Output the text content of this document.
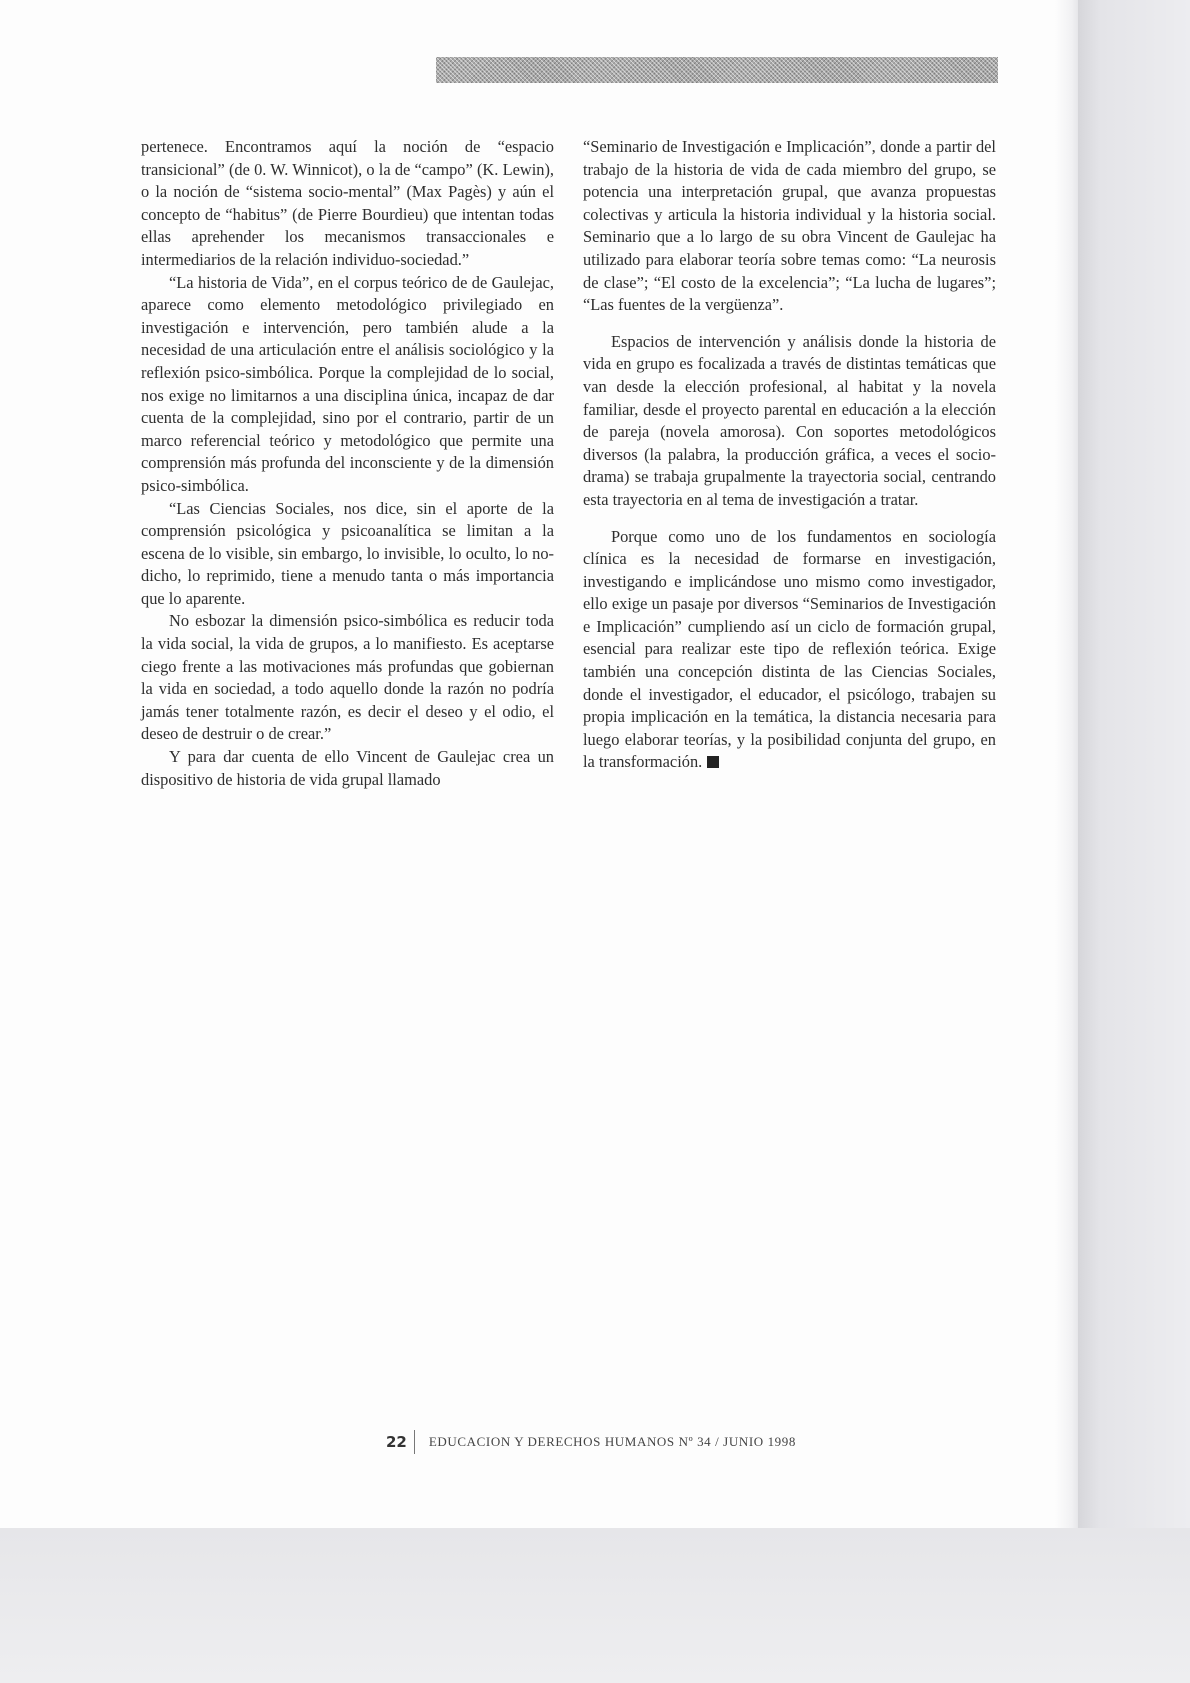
pertenece. Encontramos aquí la noción de “espacio transicional” (de 0. W. Winnicot), o la de “campo” (K. Lewin), o la noción de “sistema socio-mental” (Max Pagès) y aún el concepto de “habitus” (de Pierre Bourdieu) que intentan todas ellas aprehender los mecanismos transaccionales e intermediarios de la relación individuo-sociedad.”

“La historia de Vida”, en el corpus teórico de de Gaulejac, aparece como elemento metodológico privilegiado en investigación e intervención, pero también alude a la necesidad de una articulación entre el análisis sociológico y la reflexión psico-simbólica. Porque la complejidad de lo social, nos exige no limitarnos a una disciplina única, incapaz de dar cuenta de la complejidad, sino por el contrario, partir de un marco referencial teórico y metodológico que permite una comprensión más profunda del inconsciente y de la dimensión psico-simbólica.

“Las Ciencias Sociales, nos dice, sin el aporte de la comprensión psicológica y psicoanalítica se limitan a la escena de lo visible, sin embargo, lo invisible, lo oculto, lo no-dicho, lo reprimido, tiene a menudo tanta o más importancia que lo aparente.

No esbozar la dimensión psico-simbólica es reducir toda la vida social, la vida de grupos, a lo manifiesto. Es aceptarse ciego frente a las motivaciones más profundas que gobiernan la vida en sociedad, a todo aquello donde la razón no podría jamás tener totalmente razón, es decir el deseo y el odio, el deseo de destruir o de crear.”

Y para dar cuenta de ello Vincent de Gaulejac crea un dispositivo de historia de vida grupal llamado

“Seminario de Investigación e Implicación”, donde a partir del trabajo de la historia de vida de cada miembro del grupo, se potencia una interpretación grupal, que avanza propuestas colectivas y articula la historia individual y la historia social. Seminario que a lo largo de su obra Vincent de Gaulejac ha utilizado para elaborar teoría sobre temas como: “La neurosis de clase”; “El costo de la excelencia”; “La lucha de lugares”; “Las fuentes de la vergüenza”.

Espacios de intervención y análisis donde la historia de vida en grupo es focalizada a través de distintas temáticas que van desde la elección profesional, al habitat y la novela familiar, desde el proyecto parental en educación a la elección de pareja (novela amorosa). Con soportes metodológicos diversos (la palabra, la producción gráfica, a veces el socio-drama) se trabaja grupalmente la trayectoria social, centrando esta trayectoria en al tema de investigación a tratar.

Porque como uno de los fundamentos en sociología clínica es la necesidad de formarse en investigación, investigando e implicándose uno mismo como investigador, ello exige un pasaje por diversos “Seminarios de Investigación e Implicación” cumpliendo así un ciclo de formación grupal, esencial para realizar este tipo de reflexión teórica. Exige también una concepción distinta de las Ciencias Sociales, donde el investigador, el educador, el psicólogo, trabajen su propia implicación en la temática, la distancia necesaria para luego elaborar teorías, y la posibilidad conjunta del grupo, en la transformación.

22 EDUCACION Y DERECHOS HUMANOS Nº 34 / JUNIO 1998
